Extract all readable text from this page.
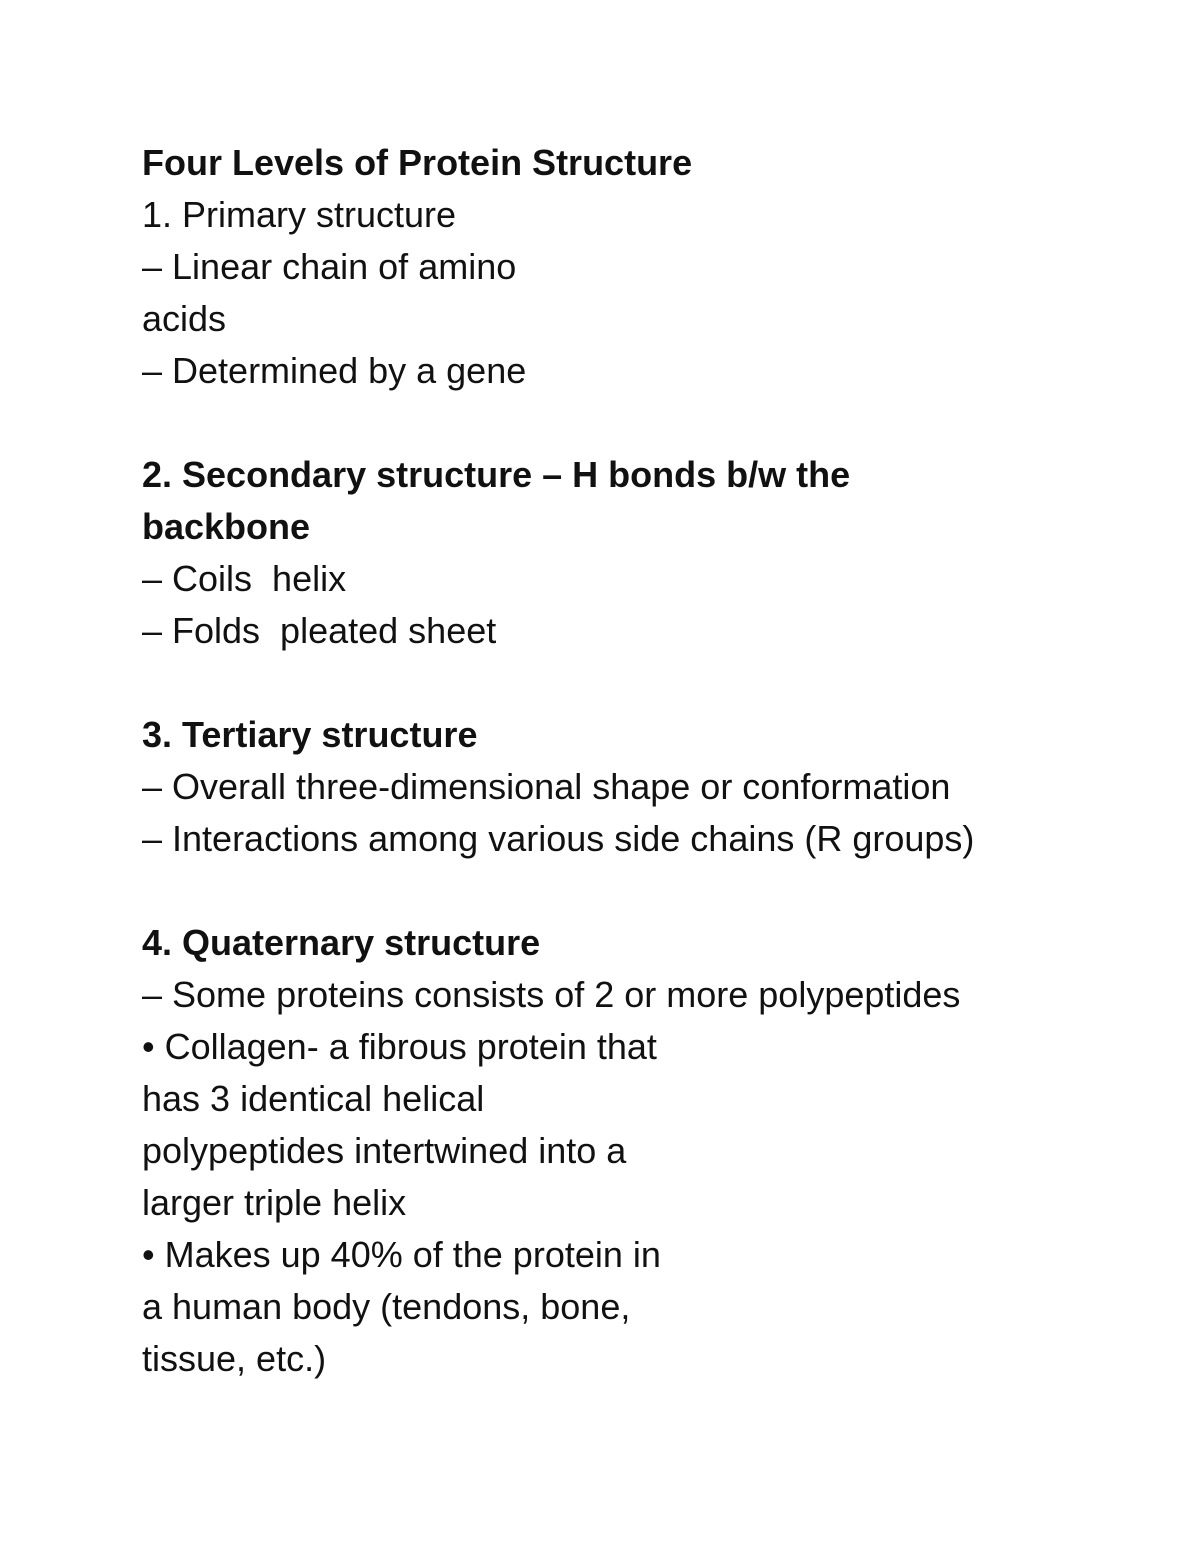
Four Levels of Protein Structure
1. Primary structure
– Linear chain of amino
acids
– Determined by a gene
2. Secondary structure – H bonds b/w the
backbone
– Coils  helix
– Folds  pleated sheet
3. Tertiary structure
– Overall three-dimensional shape or conformation
– Interactions among various side chains (R groups)
4. Quaternary structure
– Some proteins consists of 2 or more polypeptides
• Collagen- a fibrous protein that
has 3 identical helical
polypeptides intertwined into a
larger triple helix
• Makes up 40% of the protein in
a human body (tendons, bone,
tissue, etc.)
